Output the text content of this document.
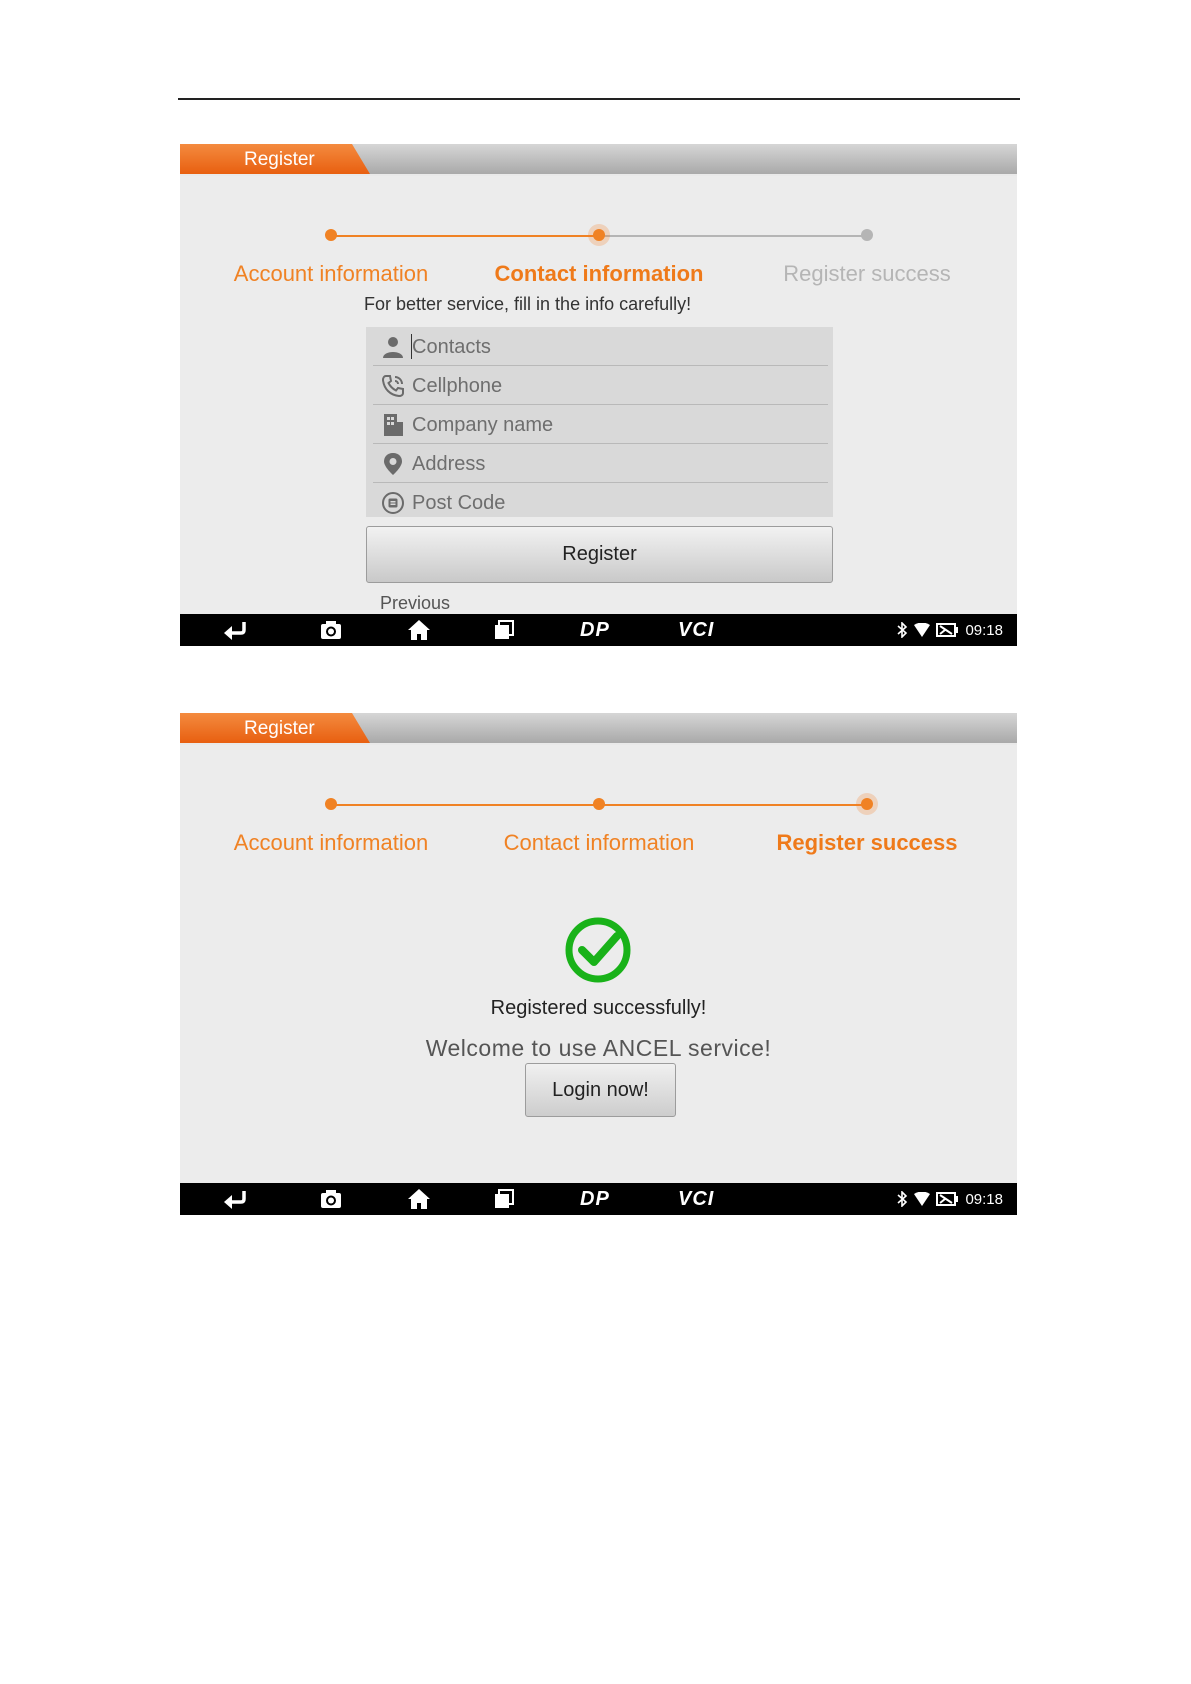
Register
Account information	Contact information	Register success
For better service, fill in the info carefully!
Contacts
Cellphone
Company name
Address
Post Code
Register
Previous
DP	VCI	09:18
Register
Account information	Contact information	Register success
Registered successfully!
Welcome to use ANCEL service!
Login now!
DP	VCI	09:18
